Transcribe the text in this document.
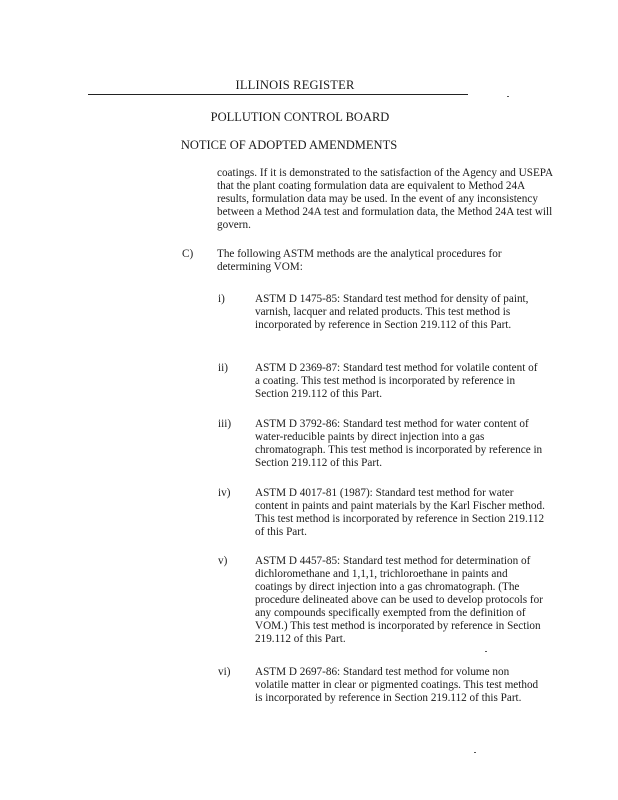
ILLINOIS REGISTER
POLLUTION CONTROL BOARD
NOTICE OF ADOPTED AMENDMENTS
coatings. If it is demonstrated to the satisfaction of the Agency and USEPA that the plant coating formulation data are equivalent to Method 24A results, formulation data may be used. In the event of any inconsistency between a Method 24A test and formulation data, the Method 24A test will govern.
C) The following ASTM methods are the analytical procedures for determining VOM:
i)	ASTM D 1475-85: Standard test method for density of paint, varnish, lacquer and related products. This test method is incorporated by reference in Section 219.112 of this Part.
ii) ASTM D 2369-87: Standard test method for volatile content of a coating. This test method is incorporated by reference in Section 219.112 of this Part.
iii) ASTM D 3792-86: Standard test method for water content of water-reducible paints by direct injection into a gas chromatograph. This test method is incorporated by reference in Section 219.112 of this Part.
iv) ASTM D 4017-81 (1987): Standard test method for water content in paints and paint materials by the Karl Fischer method. This test method is incorporated by reference in Section 219.112 of this Part.
v) ASTM D 4457-85: Standard test method for determination of dichloromethane and 1,1,1, trichloroethane in paints and coatings by direct injection into a gas chromatograph. (The procedure delineated above can be used to develop protocols for any compounds specifically exempted from the definition of VOM.) This test method is incorporated by reference in Section 219.112 of this Part.
vi) ASTM D 2697-86: Standard test method for volume non volatile matter in clear or pigmented coatings. This test method is incorporated by reference in Section 219.112 of this Part.
